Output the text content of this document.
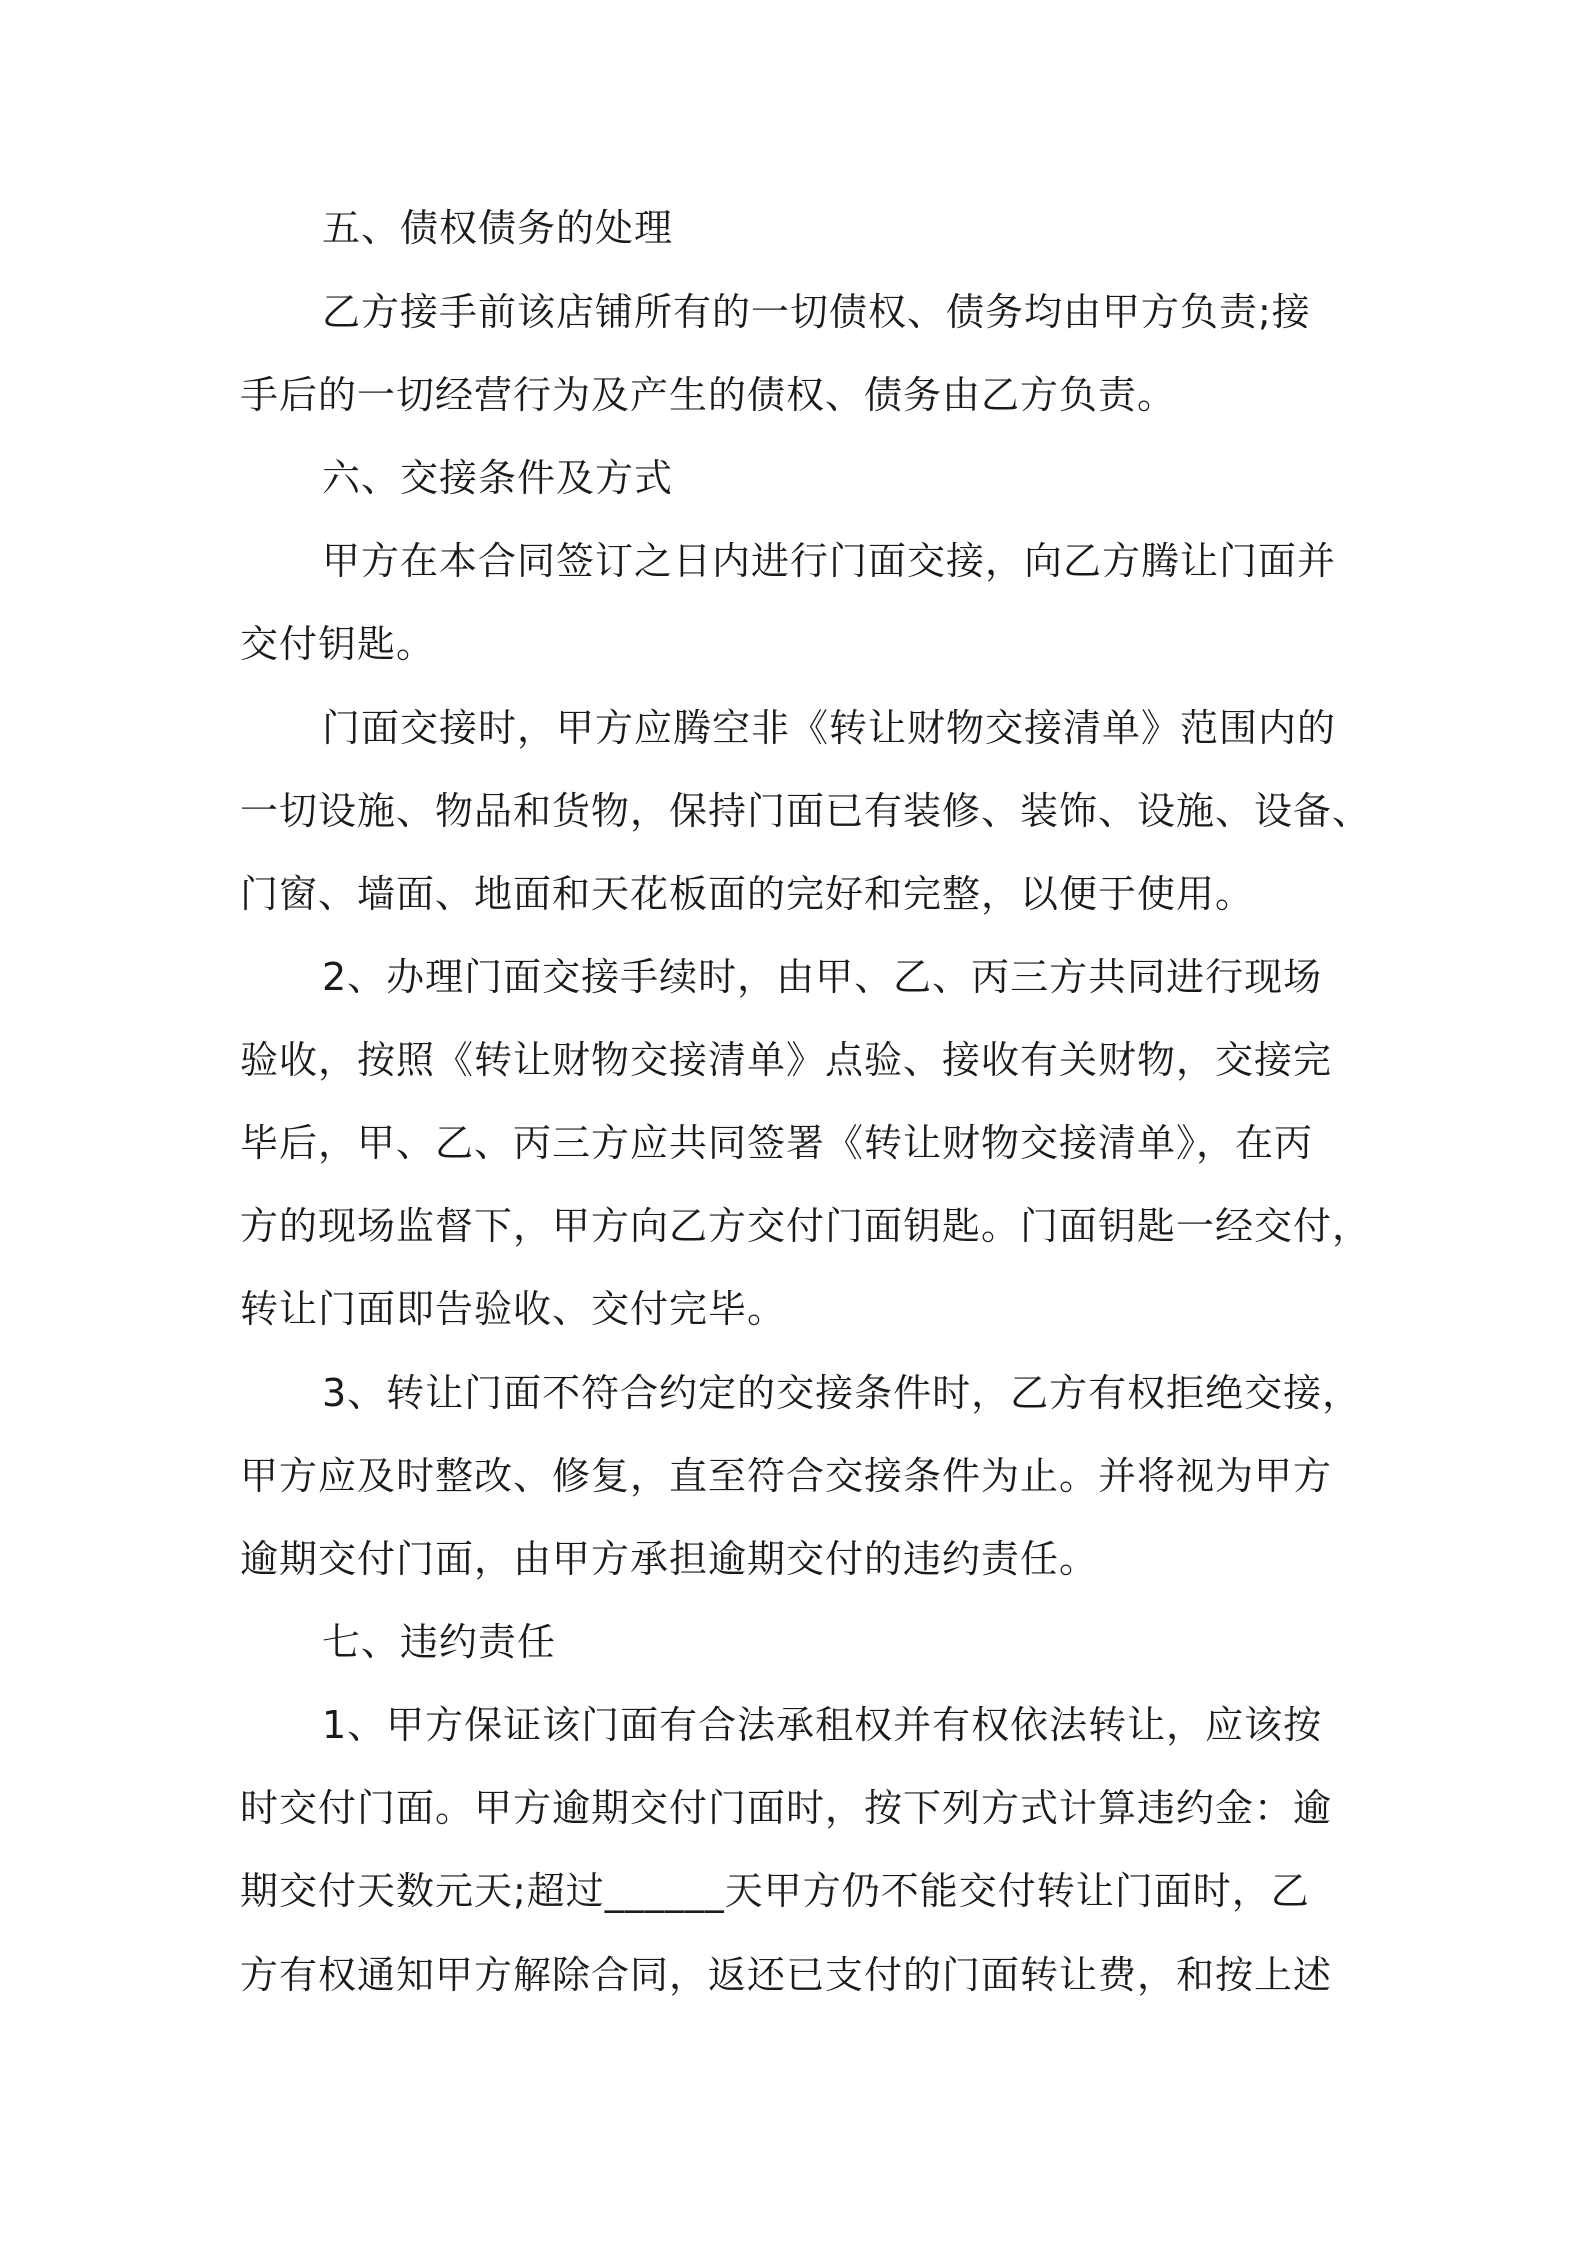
五、债权债务的处理
乙方接手前该店铺所有的一切债权、债务均由甲方负责;接
手后的一切经营行为及产生的债权、债务由乙方负责。
六、交接条件及方式
甲方在本合同签订之日内进行门面交接，向乙方腾让门面并
交付钥匙。
门面交接时，甲方应腾空非《转让财物交接清单》范围内的
一切设施、物品和货物，保持门面已有装修、装饰、设施、设备、
门窗、墙面、地面和天花板面的完好和完整，以便于使用。
2、办理门面交接手续时，由甲、乙、丙三方共同进行现场
验收，按照《转让财物交接清单》点验、接收有关财物，交接完
毕后，甲、乙、丙三方应共同签署《转让财物交接清单》，在丙
方的现场监督下，甲方向乙方交付门面钥匙。门面钥匙一经交付，
转让门面即告验收、交付完毕。
3、转让门面不符合约定的交接条件时，乙方有权拒绝交接，
甲方应及时整改、修复，直至符合交接条件为止。并将视为甲方
逾期交付门面，由甲方承担逾期交付的违约责任。
七、违约责任
1、甲方保证该门面有合法承租权并有权依法转让，应该按
时交付门面。甲方逾期交付门面时，按下列方式计算违约金：逾
期交付天数元天;超过______天甲方仍不能交付转让门面时，乙
方有权通知甲方解除合同，返还已支付的门面转让费，和按上述
